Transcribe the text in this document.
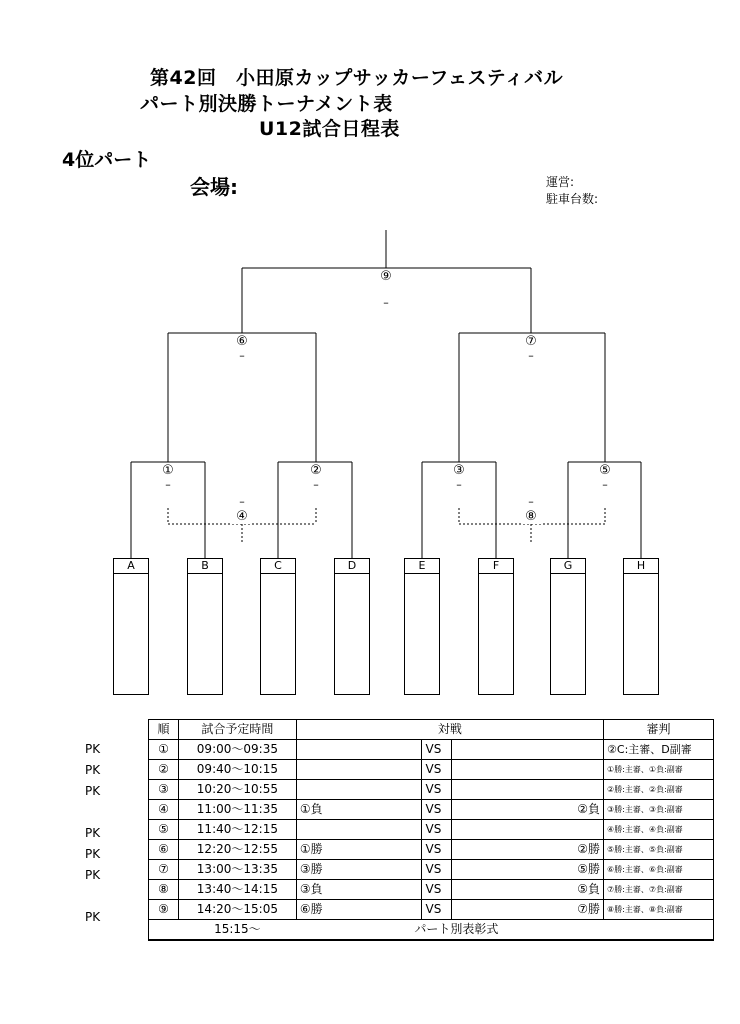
第42回　小田原カップサッカーフェスティバル
パート別決勝トーナメント表
U12試合日程表
4位パート
会場:	運営:
駐車台数:
⑨
–
⑥
–
⑦
–
①
–
②
–
③
–
⑤
–
–
④
–
⑧
A	B	C	D	E	F	G	H
PK
PK
PK
PK
PK
PK
PK
順	試合予定時間	対戦			審判
①	09:00〜09:35		VS		②C:主審、D副審
②	09:40〜10:15		VS		①勝:主審、①負:副審
③	10:20〜10:55		VS		②勝:主審、②負:副審
④	11:00〜11:35	①負	VS	②負	③勝:主審、③負:副審
⑤	11:40〜12:15		VS		④勝:主審、④負:副審
⑥	12:20〜12:55	①勝	VS	②勝	⑤勝:主審、⑤負:副審
⑦	13:00〜13:35	③勝	VS	⑤勝	⑥勝:主審、⑥負:副審
⑧	13:40〜14:15	③負	VS	⑤負	⑦勝:主審、⑦負:副審
⑨	14:20〜15:05	⑥勝	VS	⑦勝	⑧勝:主審、⑧負:副審
	15:15〜	パート別表彰式			
